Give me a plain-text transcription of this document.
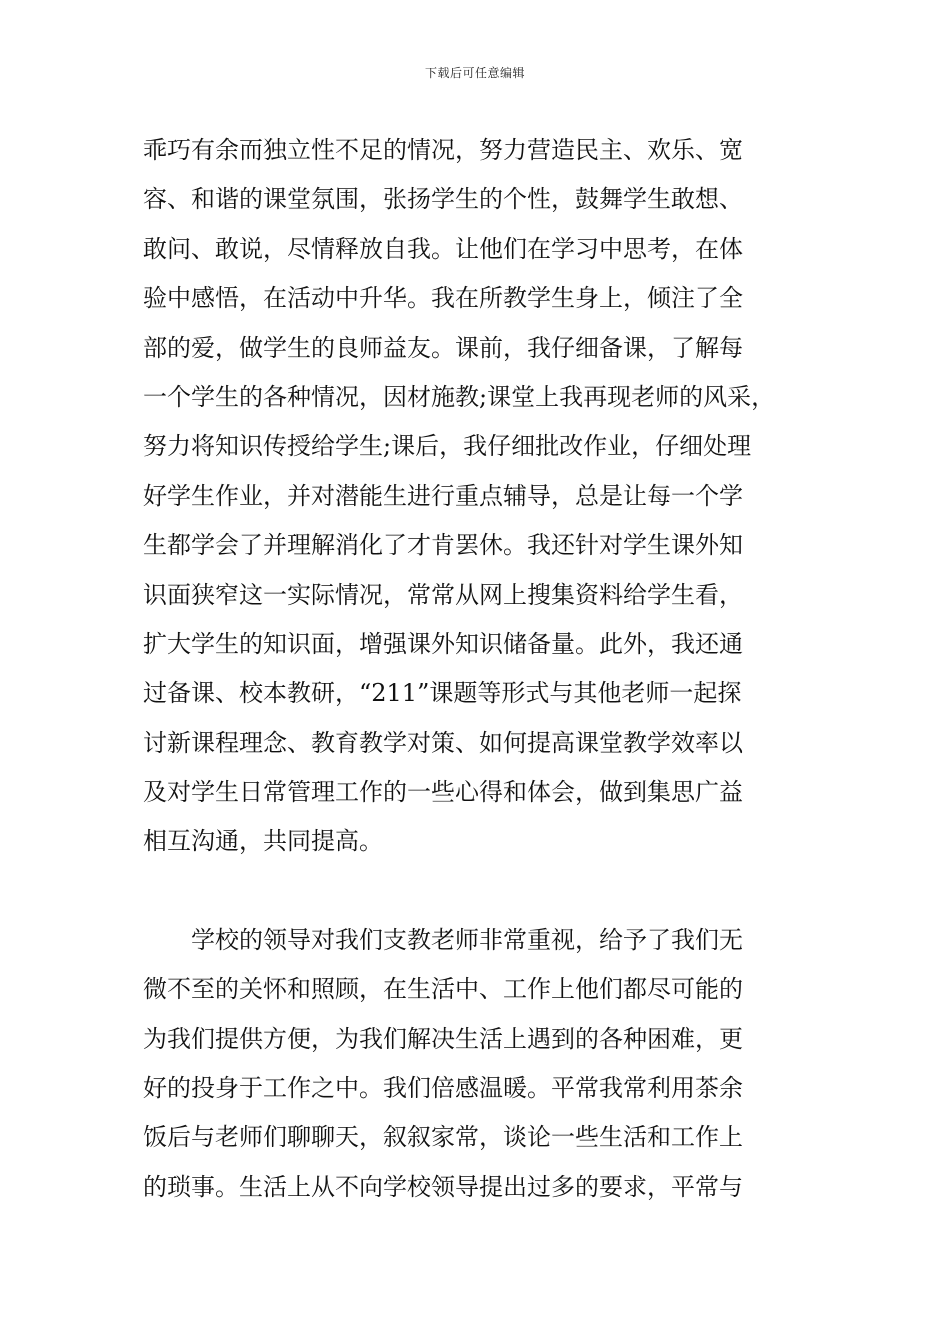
下载后可任意编辑
乖巧有余而独立性不足的情况，努力营造民主、欢乐、宽
容、和谐的课堂氛围，张扬学生的个性，鼓舞学生敢想、
敢问、敢说，尽情释放自我。让他们在学习中思考，在体
验中感悟，在活动中升华。我在所教学生身上，倾注了全
部的爱，做学生的良师益友。课前，我仔细备课，了解每
一个学生的各种情况，因材施教;课堂上我再现老师的风采，
努力将知识传授给学生;课后，我仔细批改作业，仔细处理
好学生作业，并对潜能生进行重点辅导，总是让每一个学
生都学会了并理解消化了才肯罢休。我还针对学生课外知
识面狭窄这一实际情况，常常从网上搜集资料给学生看，
扩大学生的知识面，增强课外知识储备量。此外，我还通
过备课、校本教研，“211”课题等形式与其他老师一起探
讨新课程理念、教育教学对策、如何提高课堂教学效率以
及对学生日常管理工作的一些心得和体会，做到集思广益
相互沟通，共同提高。
学校的领导对我们支教老师非常重视，给予了我们无
微不至的关怀和照顾，在生活中、工作上他们都尽可能的
为我们提供方便，为我们解决生活上遇到的各种困难，更
好的投身于工作之中。我们倍感温暖。平常我常利用茶余
饭后与老师们聊聊天，叙叙家常，谈论一些生活和工作上
的琐事。生活上从不向学校领导提出过多的要求，平常与
